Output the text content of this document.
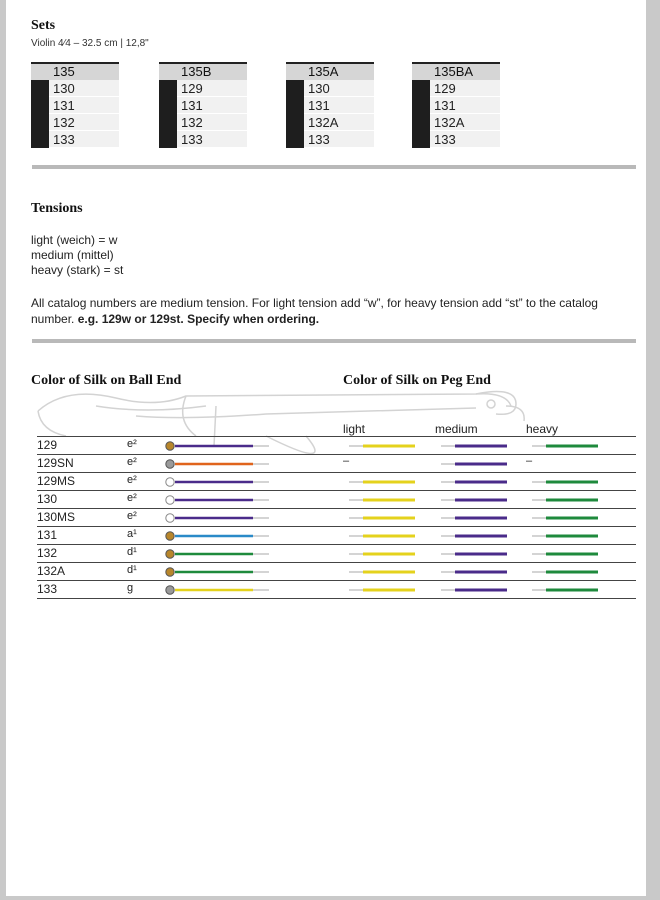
Sets
Violin 4⁄4 – 32.5 cm | 12,8"
135
130
131
132
133
135B
129
131
132
133
135A
130
131
132A
133
135BA
129
131
132A
133
Tensions
light (weich) = w
medium (mittel)
heavy (stark) = st
All catalog numbers are medium tension. For light tension add “w”, for heavy tension add “st” to the catalog number. e.g. 129w or 129st. Specify when ordering.
Color of Silk on Ball End	Color of Silk on Peg End
light	medium	heavy
129	e²
129SN	e²	–	–
129MS	e²
130	e²
130MS	e²
131	a¹
132	d¹
132A	d¹
133	g
